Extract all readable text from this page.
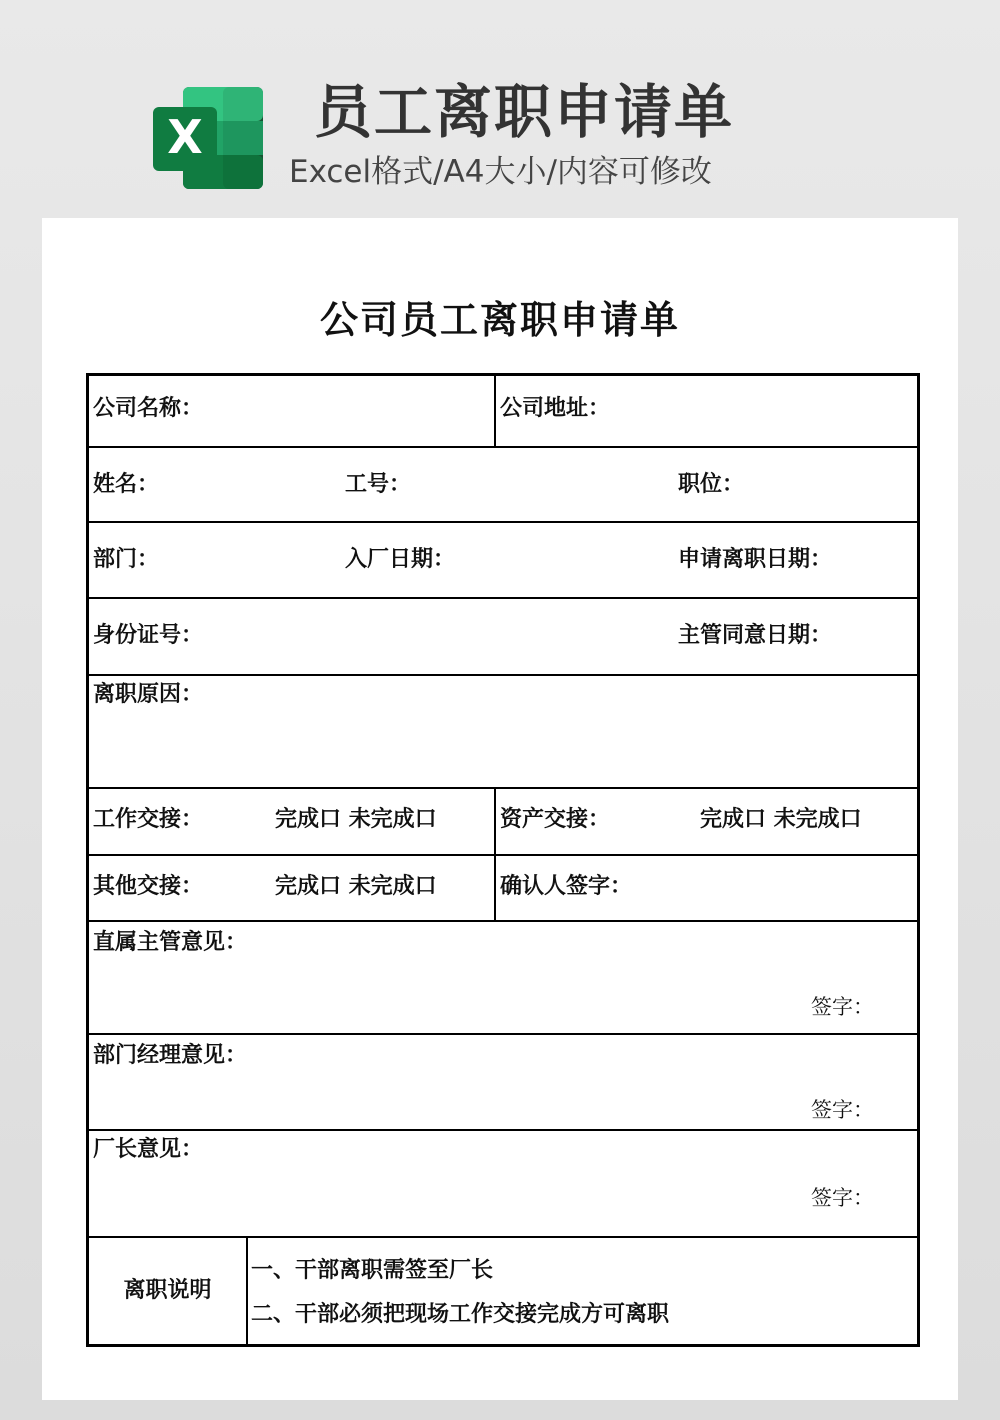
X 员工离职申请单
Excel格式/A4大小/内容可修改
公司员工离职申请单
公司名称：	公司地址：
姓名：	工号：	职位：
部门：	入厂日期：	申请离职日期：
身份证号：	主管同意日期：
离职原因：
工作交接：	完成口 未完成口	资产交接：	完成口 未完成口
其他交接：	完成口 未完成口	确认人签字：
直属主管意见：
签字：
部门经理意见：
签字：
厂长意见：
签字：
离职说明
一、干部离职需签至厂长
二、干部必须把现场工作交接完成方可离职
